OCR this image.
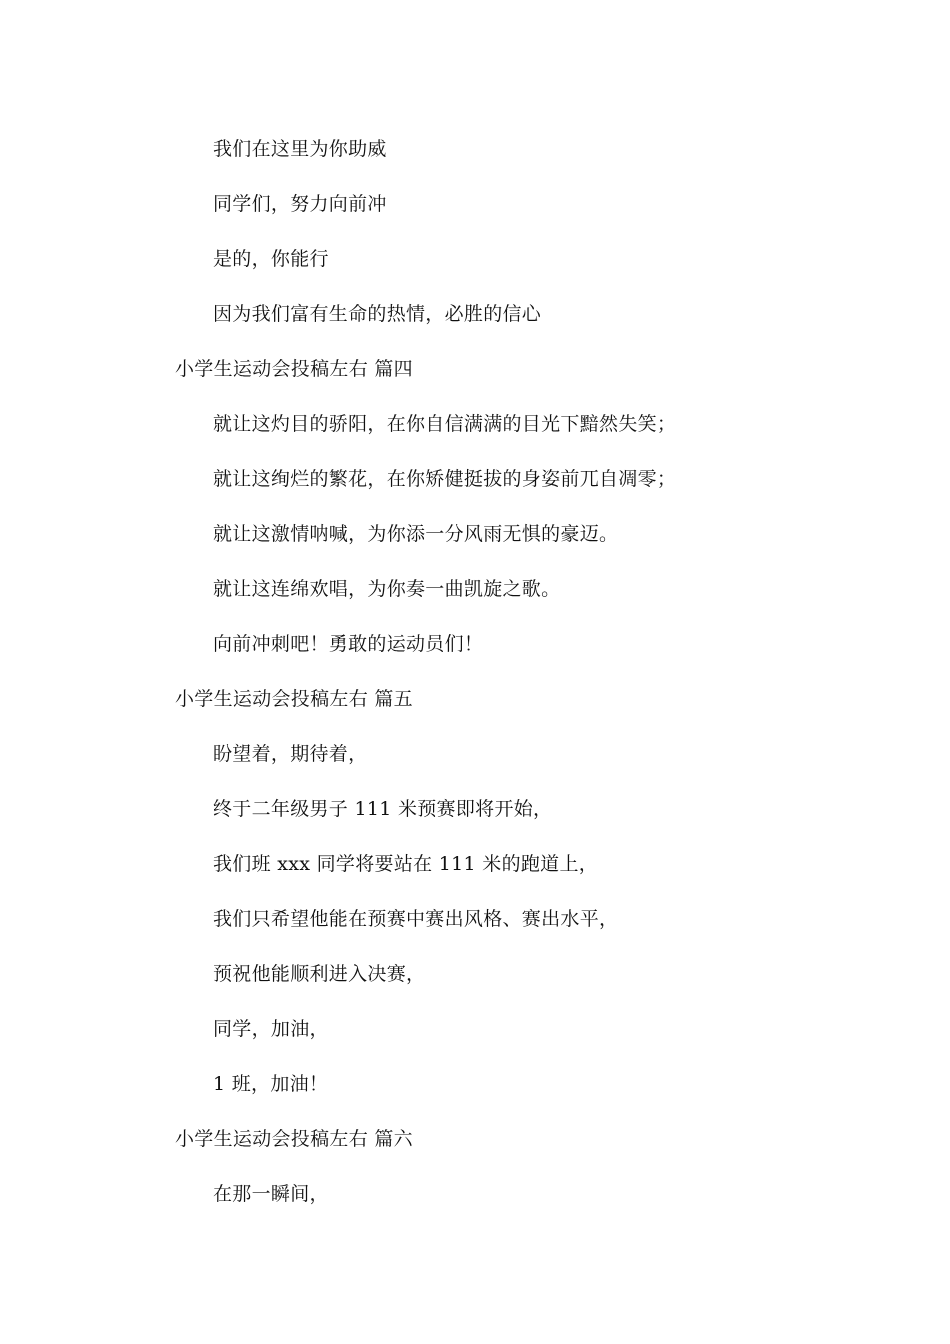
我们在这里为你助威
同学们，努力向前冲
是的，你能行
因为我们富有生命的热情，必胜的信心
小学生运动会投稿左右 篇四
就让这灼目的骄阳，在你自信满满的目光下黯然失笑；
就让这绚烂的繁花，在你矫健挺拔的身姿前兀自凋零；
就让这激情呐喊，为你添一分风雨无惧的豪迈。
就让这连绵欢唱，为你奏一曲凯旋之歌。
向前冲刺吧！勇敢的运动员们！
小学生运动会投稿左右 篇五
盼望着，期待着，
终于二年级男子 111 米预赛即将开始，
我们班 xxx 同学将要站在 111 米的跑道上，
我们只希望他能在预赛中赛出风格、赛出水平，
预祝他能顺利进入决赛，
同学，加油，
1 班，加油！
小学生运动会投稿左右 篇六
在那一瞬间，
